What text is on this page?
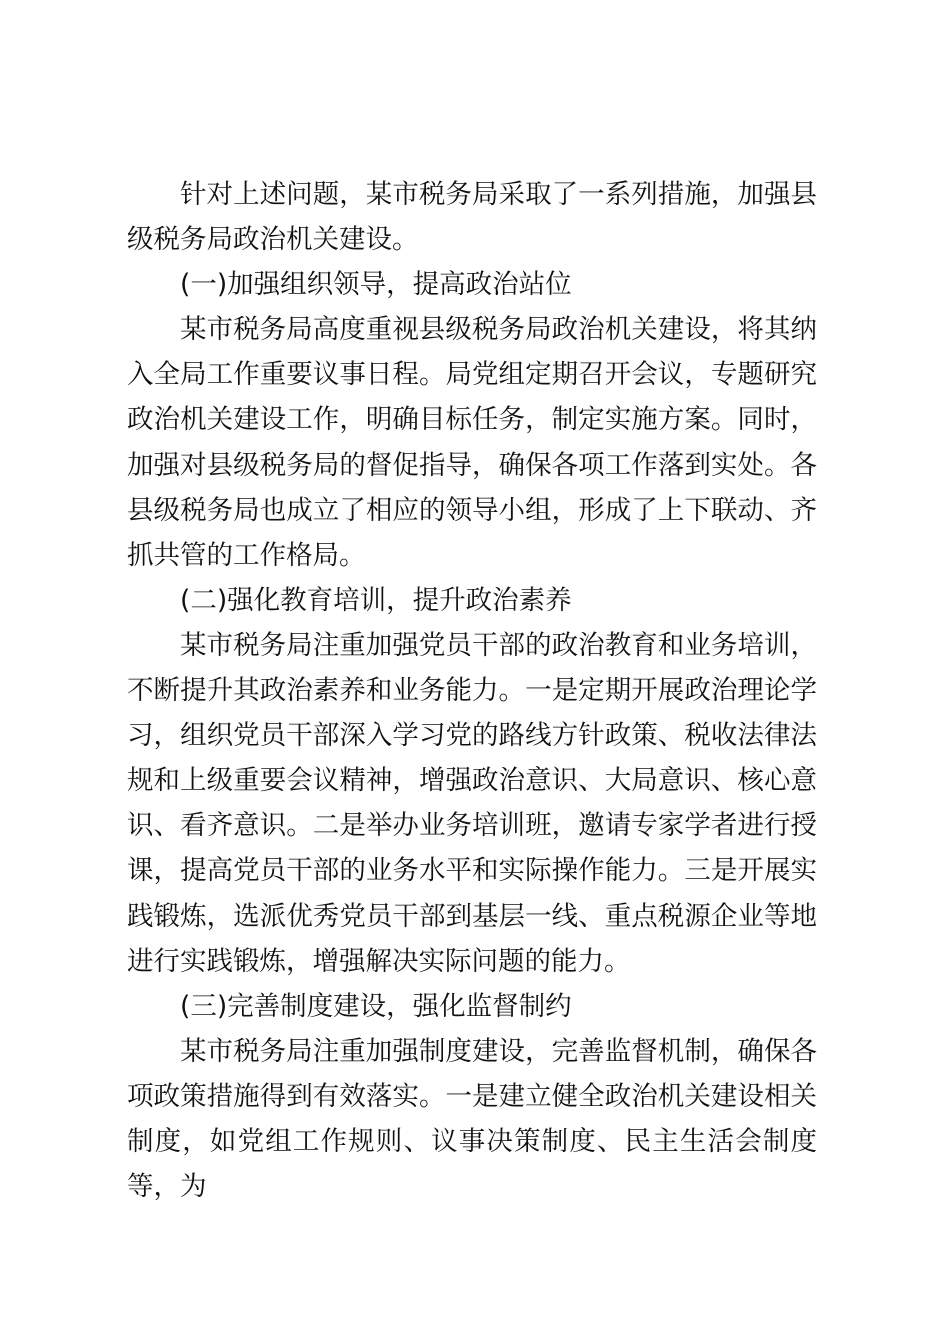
针对上述问题，某市税务局采取了一系列措施，加强县级税务局政治机关建设。

(一)加强组织领导，提高政治站位

某市税务局高度重视县级税务局政治机关建设，将其纳入全局工作重要议事日程。局党组定期召开会议，专题研究政治机关建设工作，明确目标任务，制定实施方案。同时，加强对县级税务局的督促指导，确保各项工作落到实处。各县级税务局也成立了相应的领导小组，形成了上下联动、齐抓共管的工作格局。

(二)强化教育培训，提升政治素养

某市税务局注重加强党员干部的政治教育和业务培训，不断提升其政治素养和业务能力。一是定期开展政治理论学习，组织党员干部深入学习党的路线方针政策、税收法律法规和上级重要会议精神，增强政治意识、大局意识、核心意识、看齐意识。二是举办业务培训班，邀请专家学者进行授课，提高党员干部的业务水平和实际操作能力。三是开展实践锻炼，选派优秀党员干部到基层一线、重点税源企业等地进行实践锻炼，增强解决实际问题的能力。

(三)完善制度建设，强化监督制约

某市税务局注重加强制度建设，完善监督机制，确保各项政策措施得到有效落实。一是建立健全政治机关建设相关制度，如党组工作规则、议事决策制度、民主生活会制度等，为
